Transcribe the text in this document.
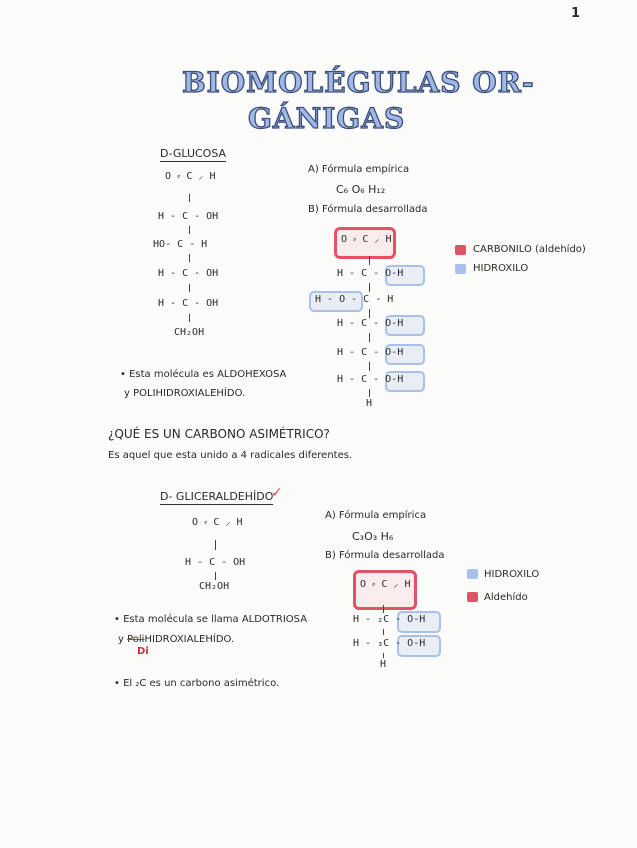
1
BIOMOLÉGULAS OR-
GÁNIGAS
D-GLUCOSA
O ⸗ C ⸝ H
H - C - OH
HO- C - H
H - C - OH
H - C - OH
CH₂OH
A) Fórmula empírica
C₆ O₆ H₁₂
B) Fórmula desarrollada
O ⸗ C ⸝ H
H - C - O-H
H - O - C - H
H - C - O-H
H - C - O-H
H - C - O-H
H
CARBONILO (aldehído)
HIDROXILO
• Esta molécula es ALDOHEXOSA
y POLIHIDROXIALEHÍDO.
¿QUÉ ES UN CARBONO ASIMÉTRICO?
Es aquel que esta unido a 4 radicales diferentes.
D- GLICERALDEHÍDO
✓
O ⸗ C ⸝ H
H - C - OH
CH₂OH
A) Fórmula empírica
C₃O₃ H₆
B) Fórmula desarrollada
O ⸗ C ⸝ H
H - ₂C - O-H
H - ₃C - O-H
H
HIDROXILO
Aldehído
• Esta molécula se llama ALDOTRIOSA
y PoliHIDROXIALEHÍDO.
Di
• El ₂C es un carbono asimétrico.
